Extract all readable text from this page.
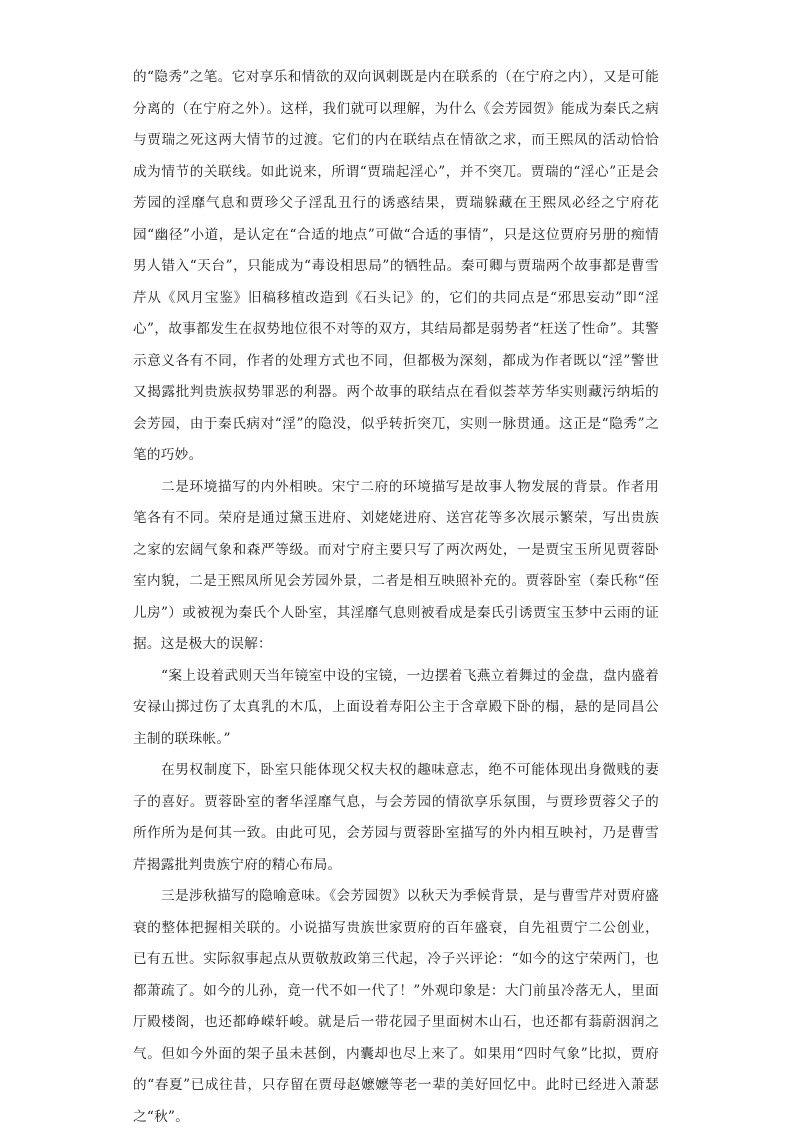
的“隐秀”之笔。它对享乐和情欲的双向讽刺既是内在联系的（在宁府之内），又是可能分离的（在宁府之外）。这样，我们就可以理解，为什么《会芳园贺》能成为秦氏之病与贾瑞之死这两大情节的过渡。它们的内在联结点在情欲之求，而王熙凤的活动恰恰成为情节的关联线。如此说来，所谓“贾瑞起淫心”，并不突兀。贾瑞的“淫心”正是会芳园的淫靡气息和贾珍父子淫乱丑行的诱惑结果，贾瑞躲藏在王熙凤必经之宁府花园“幽径”小道，是认定在“合适的地点”可做“合适的事情”，只是这位贾府另册的痴情男人错入“天台”，只能成为“毒设相思局”的牺牲品。秦可卿与贾瑞两个故事都是曹雪芹从《风月宝鉴》旧稿移植改造到《石头记》的，它们的共同点是“邪思妄动”即“淫心”，故事都发生在叔势地位很不对等的双方，其结局都是弱势者“枉送了性命”。其警示意义各有不同，作者的处理方式也不同，但都极为深刻，都成为作者既以“淫”警世又揭露批判贵族叔势罪恶的利器。两个故事的联结点在看似荟萃芳华实则藏污纳垢的会芳园，由于秦氏病对“淫”的隐没，似乎转折突兀，实则一脉贯通。这正是“隐秀”之笔的巧妙。

二是环境描写的内外相映。宋宁二府的环境描写是故事人物发展的背景。作者用笔各有不同。荣府是通过黛玉进府、刘姥姥进府、送宫花等多次展示繁荣，写出贵族之家的宏阔气象和森严等级。而对宁府主要只写了两次两处，一是贾宝玉所见贾蓉卧室内貌，二是王熙凤所见会芳园外景，二者是相互映照补充的。贾蓉卧室（秦氏称“侄儿房”）或被视为秦氏个人卧室，其淫靡气息则被看成是秦氏引诱贾宝玉梦中云雨的证据。这是极大的误解：

“案上设着武则天当年镜室中设的宝镜，一边摆着飞燕立着舞过的金盘，盘内盛着安禄山掷过伤了太真乳的木瓜，上面设着寿阳公主于含章殿下卧的榻，悬的是同昌公主制的联珠帐。”

在男权制度下，卧室只能体现父权夫权的趣味意志，绝不可能体现出身微贱的妻子的喜好。贾蓉卧室的奢华淫靡气息，与会芳园的情欲享乐氛围，与贾珍贾蓉父子的所作所为是何其一致。由此可见，会芳园与贾蓉卧室描写的外内相互映衬，乃是曹雪芹揭露批判贵族宁府的精心布局。

三是涉秋描写的隐喻意味。《会芳园贺》以秋天为季候背景，是与曹雪芹对贾府盛衰的整体把握相关联的。小说描写贵族世家贾府的百年盛衰，自先祖贾宁二公创业，已有五世。实际叙事起点从贾敬敖政第三代起，冷子兴评论：“如今的这宁荣两门，也都萧疏了。如今的儿孙，竟一代不如一代了！”外观印象是：大门前虽冷落无人，里面厅殿楼阁，也还都峥嵘轩峻。就是后一带花园子里面树木山石，也还都有蓊蔚洇润之气。但如今外面的架子虽未甚倒，内囊却也尽上来了。如果用“四时气象”比拟，贾府的“春夏”已成往昔，只存留在贾母赵嬷嬷等老一辈的美好回忆中。此时已经进入萧瑟之“秋”。
